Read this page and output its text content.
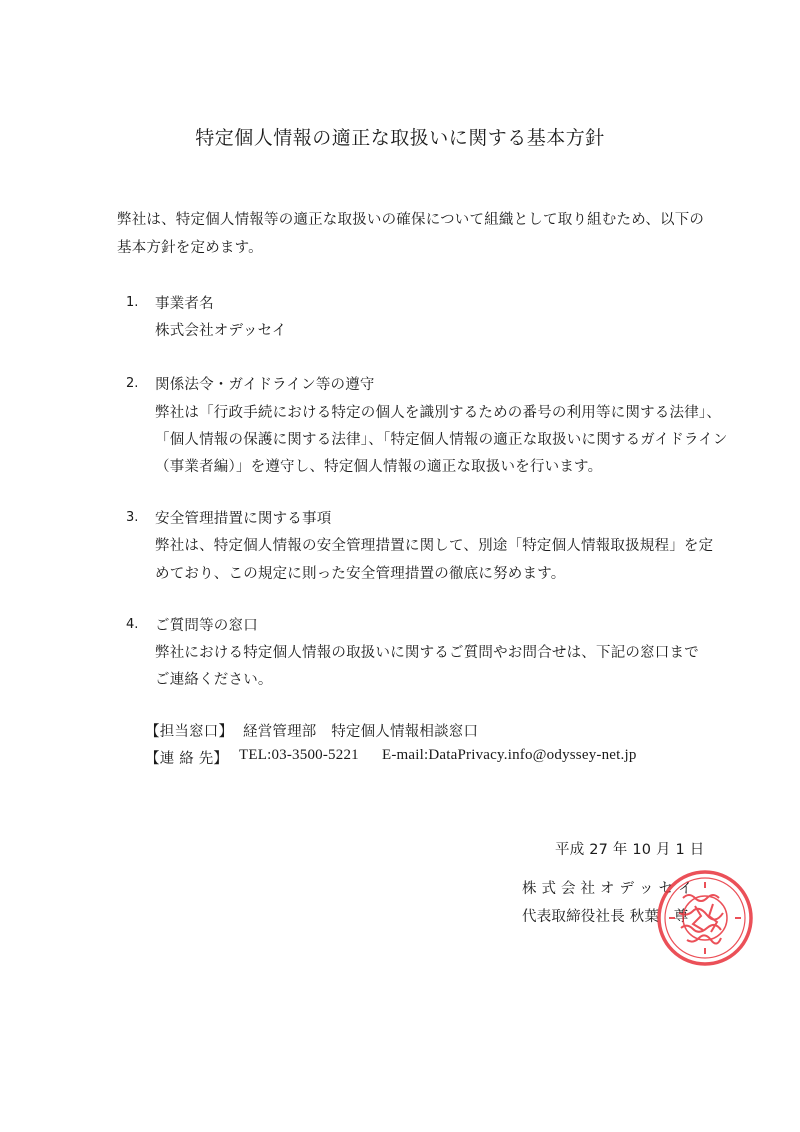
特定個人情報の適正な取扱いに関する基本方針
弊社は、特定個人情報等の適正な取扱いの確保について組織として取り組むため、以下の
基本方針を定めます。
1. 事業者名
株式会社オデッセイ
2. 関係法令・ガイドライン等の遵守
弊社は「行政手続における特定の個人を識別するための番号の利用等に関する法律」、
「個人情報の保護に関する法律」、「特定個人情報の適正な取扱いに関するガイドライン
（事業者編）」を遵守し、特定個人情報の適正な取扱いを行います。
3. 安全管理措置に関する事項
弊社は、特定個人情報の安全管理措置に関して、別途「特定個人情報取扱規程」を定
めており、この規定に則った安全管理措置の徹底に努めます。
4. ご質問等の窓口
弊社における特定個人情報の取扱いに関するご質問やお問合せは、下記の窓口まで
ご連絡ください。
【担当窓口】 経営管理部　特定個人情報相談窓口
【連 絡 先】 TEL:03-3500-5221 E-mail:DataPrivacy.info@odyssey-net.jp
平成 27 年 10 月 1 日
株 式 会 社 オ デ ッ セ イ
代表取締役社長 秋葉　尊
